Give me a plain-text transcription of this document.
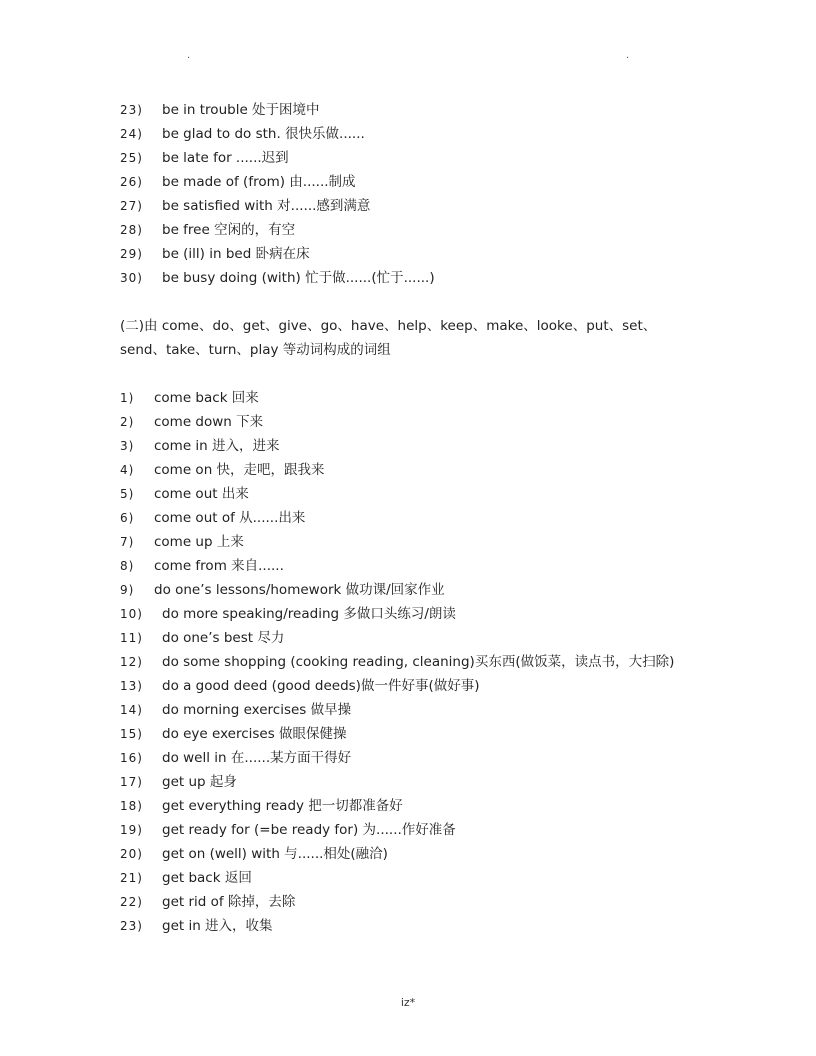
.	.
23) be in trouble 处于困境中
24) be glad to do sth. 很快乐做......
25) be late for ......迟到
26) be made of (from) 由......制成
27) be satisfied with 对......感到满意
28) be free 空闲的，有空
29) be (ill) in bed 卧病在床
30) be busy doing (with) 忙于做......(忙于......)
(二)由 come、do、get、give、go、have、help、keep、make、looke、put、set、
send、take、turn、play 等动词构成的词组
1) come back 回来
2) come down 下来
3) come in 进入，进来
4) come on 快，走吧，跟我来
5) come out 出来
6) come out of 从......出来
7) come up 上来
8) come from 来自......
9) do one’s lessons/homework 做功课/回家作业
10) do more speaking/reading 多做口头练习/朗读
11) do one’s best 尽力
12) do some shopping (cooking reading, cleaning)买东西(做饭菜，读点书，大扫除)
13) do a good deed (good deeds)做一件好事(做好事)
14) do morning exercises 做早操
15) do eye exercises 做眼保健操
16) do well in 在......某方面干得好
17) get up 起身
18) get everything ready 把一切都准备好
19) get ready for (=be ready for) 为......作好准备
20) get on (well) with 与......相处(融洽)
21) get back 返回
22) get rid of 除掉，去除
23) get in 进入，收集
iz*
